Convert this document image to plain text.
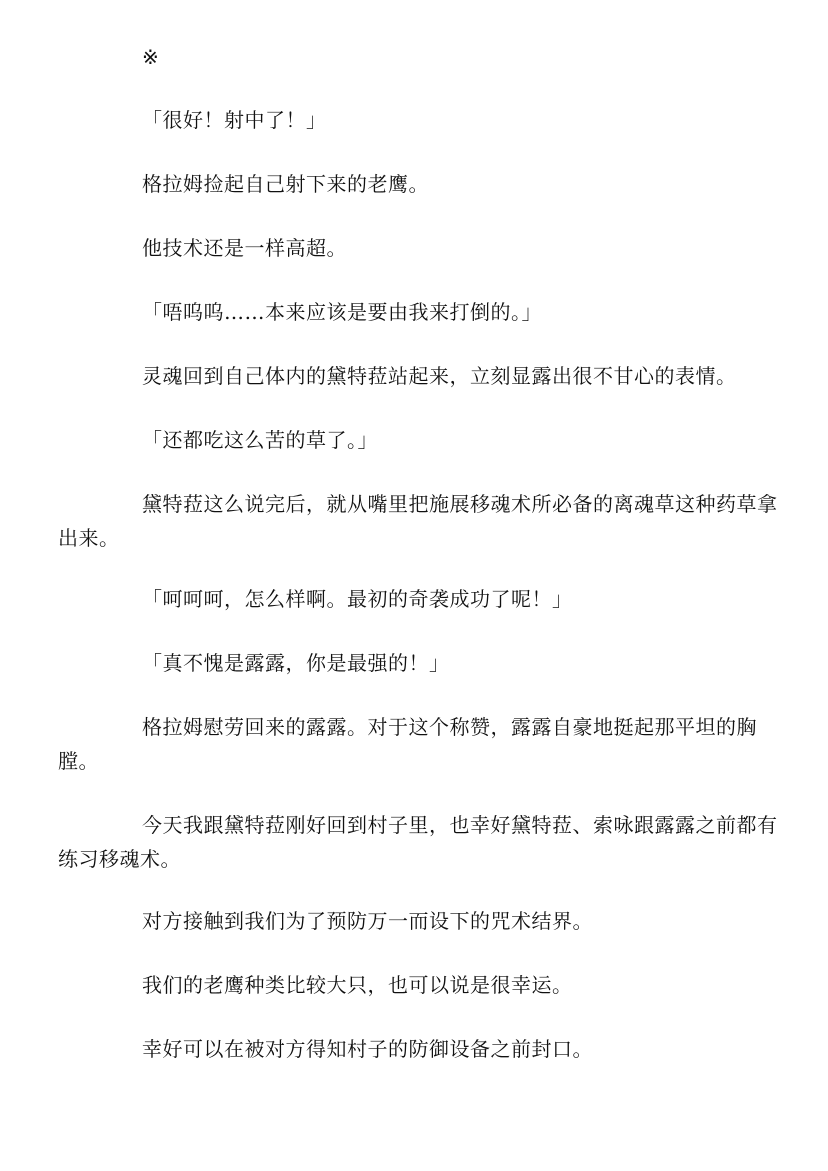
※

「很好！射中了！」

格拉姆捡起自己射下来的老鹰。

他技术还是一样高超。

「唔呜呜……本来应该是要由我来打倒的。」

灵魂回到自己体内的黛特菈站起来，立刻显露出很不甘心的表情。

「还都吃这么苦的草了。」

黛特菈这么说完后，就从嘴里把施展移魂术所必备的离魂草这种药草拿出来。

「呵呵呵，怎么样啊。最初的奇袭成功了呢！」

「真不愧是露露，你是最强的！」

格拉姆慰劳回来的露露。对于这个称赞，露露自豪地挺起那平坦的胸膛。

今天我跟黛特菈刚好回到村子里，也幸好黛特菈、索咏跟露露之前都有练习移魂术。

对方接触到我们为了预防万一而设下的咒术结界。

我们的老鹰种类比较大只，也可以说是很幸运。

幸好可以在被对方得知村子的防御设备之前封口。
